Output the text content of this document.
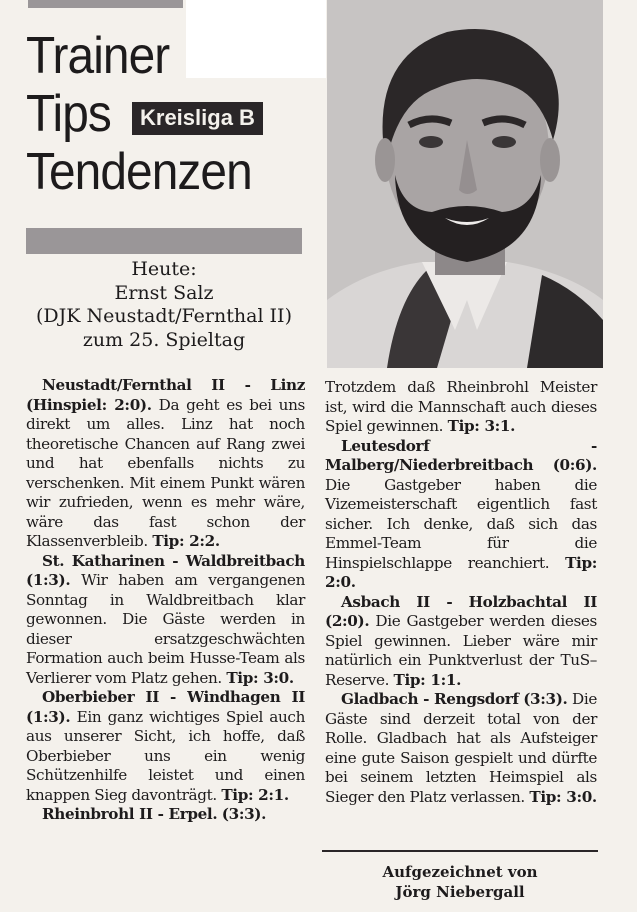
Trainer
Tips	Kreisliga B
Tendenzen
Heute:
Ernst Salz
(DJK Neustadt/Fernthal II)
zum 25. Spieltag

Neustadt/Fernthal II - Linz (Hinspiel: 2:0). Da geht es bei uns direkt um alles. Linz hat noch theoretische Chancen auf Rang zwei und hat ebenfalls nichts zu verschenken. Mit einem Punkt wären wir zufrieden, wenn es mehr wäre, wäre das fast schon der Klassenverbleib. Tip: 2:2.

St. Katharinen - Waldbreitbach (1:3). Wir haben am vergangenen Sonntag in Waldbreitbach klar gewonnen. Die Gäste werden in dieser ersatzgeschwächten Formation auch beim Husse-Team als Verlierer vom Platz gehen. Tip: 3:0.

Oberbieber II - Windhagen II (1:3). Ein ganz wichtiges Spiel auch aus unserer Sicht, ich hoffe, daß Oberbieber uns ein wenig Schützenhilfe leistet und einen knappen Sieg davonträgt. Tip: 2:1.

Rheinbrohl II - Erpel. (3:3).

Trotzdem daß Rheinbrohl Meister ist, wird die Mannschaft auch dieses Spiel gewinnen. Tip: 3:1.

Leutesdorf - Malberg/Niederbreitbach (0:6). Die Gastgeber haben die Vizemeisterschaft eigentlich fast sicher. Ich denke, daß sich das Emmel-Team für die Hinspielschlappe reanchiert. Tip: 2:0.

Asbach II - Holzbachtal II (2:0). Die Gastgeber werden dieses Spiel gewinnen. Lieber wäre mir natürlich ein Punktverlust der TuS–Reserve. Tip: 1:1.

Gladbach - Rengsdorf (3:3). Die Gäste sind derzeit total von der Rolle. Gladbach hat als Aufsteiger eine gute Saison gespielt und dürfte bei seinem letzten Heimspiel als Sieger den Platz verlassen. Tip: 3:0.

Aufgezeichnet von
Jörg Niebergall
